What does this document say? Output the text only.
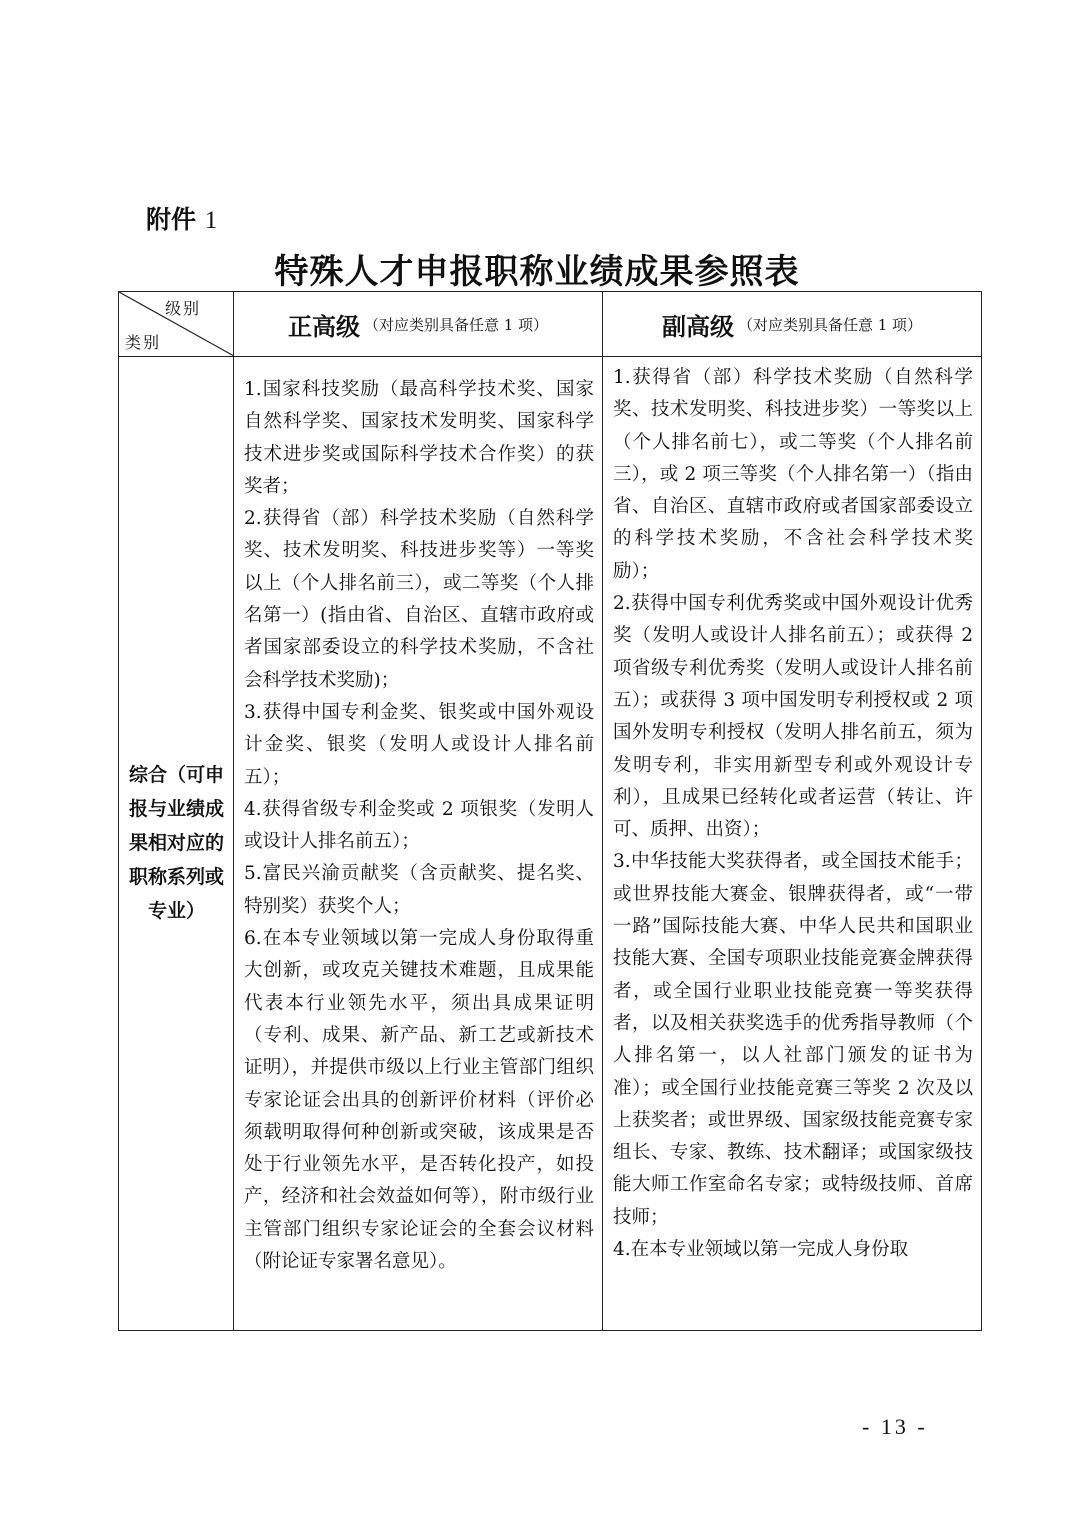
附件 1
特殊人才申报职称业绩成果参照表
级别
类别
正高级 （对应类别具备任意 1 项）	副高级 （对应类别具备任意 1 项）
综合（可申报与业绩成果相对应的职称系列或专业）

1.国家科技奖励（最高科学技术奖、国家自然科学奖、国家技术发明奖、国家科学技术进步奖或国际科学技术合作奖）的获奖者；

2.获得省（部）科学技术奖励（自然科学奖、技术发明奖、科技进步奖等）一等奖以上（个人排名前三），或二等奖（个人排名第一）(指由省、自治区、直辖市政府或者国家部委设立的科学技术奖励，不含社会科学技术奖励)；

3.获得中国专利金奖、银奖或中国外观设计金奖、银奖（发明人或设计人排名前五）；

4.获得省级专利金奖或 2 项银奖（发明人或设计人排名前五）；

5.富民兴渝贡献奖（含贡献奖、提名奖、特别奖）获奖个人；

6.在本专业领域以第一完成人身份取得重大创新，或攻克关键技术难题，且成果能代表本行业领先水平，须出具成果证明（专利、成果、新产品、新工艺或新技术证明），并提供市级以上行业主管部门组织专家论证会出具的创新评价材料（评价必须载明取得何种创新或突破，该成果是否处于行业领先水平，是否转化投产，如投产，经济和社会效益如何等），附市级行业主管部门组织专家论证会的全套会议材料（附论证专家署名意见）。

1.获得省（部）科学技术奖励（自然科学奖、技术发明奖、科技进步奖）一等奖以上（个人排名前七），或二等奖（个人排名前三），或 2 项三等奖（个人排名第一）（指由省、自治区、直辖市政府或者国家部委设立的科学技术奖励，不含社会科学技术奖励）；

2.获得中国专利优秀奖或中国外观设计优秀奖（发明人或设计人排名前五）；或获得 2 项省级专利优秀奖（发明人或设计人排名前五）；或获得 3 项中国发明专利授权或 2 项国外发明专利授权（发明人排名前五，须为发明专利，非实用新型专利或外观设计专利），且成果已经转化或者运营（转让、许可、质押、出资）；

3.中华技能大奖获得者，或全国技术能手；或世界技能大赛金、银牌获得者，或“一带一路”国际技能大赛、中华人民共和国职业技能大赛、全国专项职业技能竞赛金牌获得者，或全国行业职业技能竞赛一等奖获得者，以及相关获奖选手的优秀指导教师（个人排名第一，以人社部门颁发的证书为准）；或全国行业技能竞赛三等奖 2 次及以上获奖者；或世界级、国家级技能竞赛专家组长、专家、教练、技术翻译；或国家级技能大师工作室命名专家；或特级技师、首席技师；

4.在本专业领域以第一完成人身份取

- 13 -
